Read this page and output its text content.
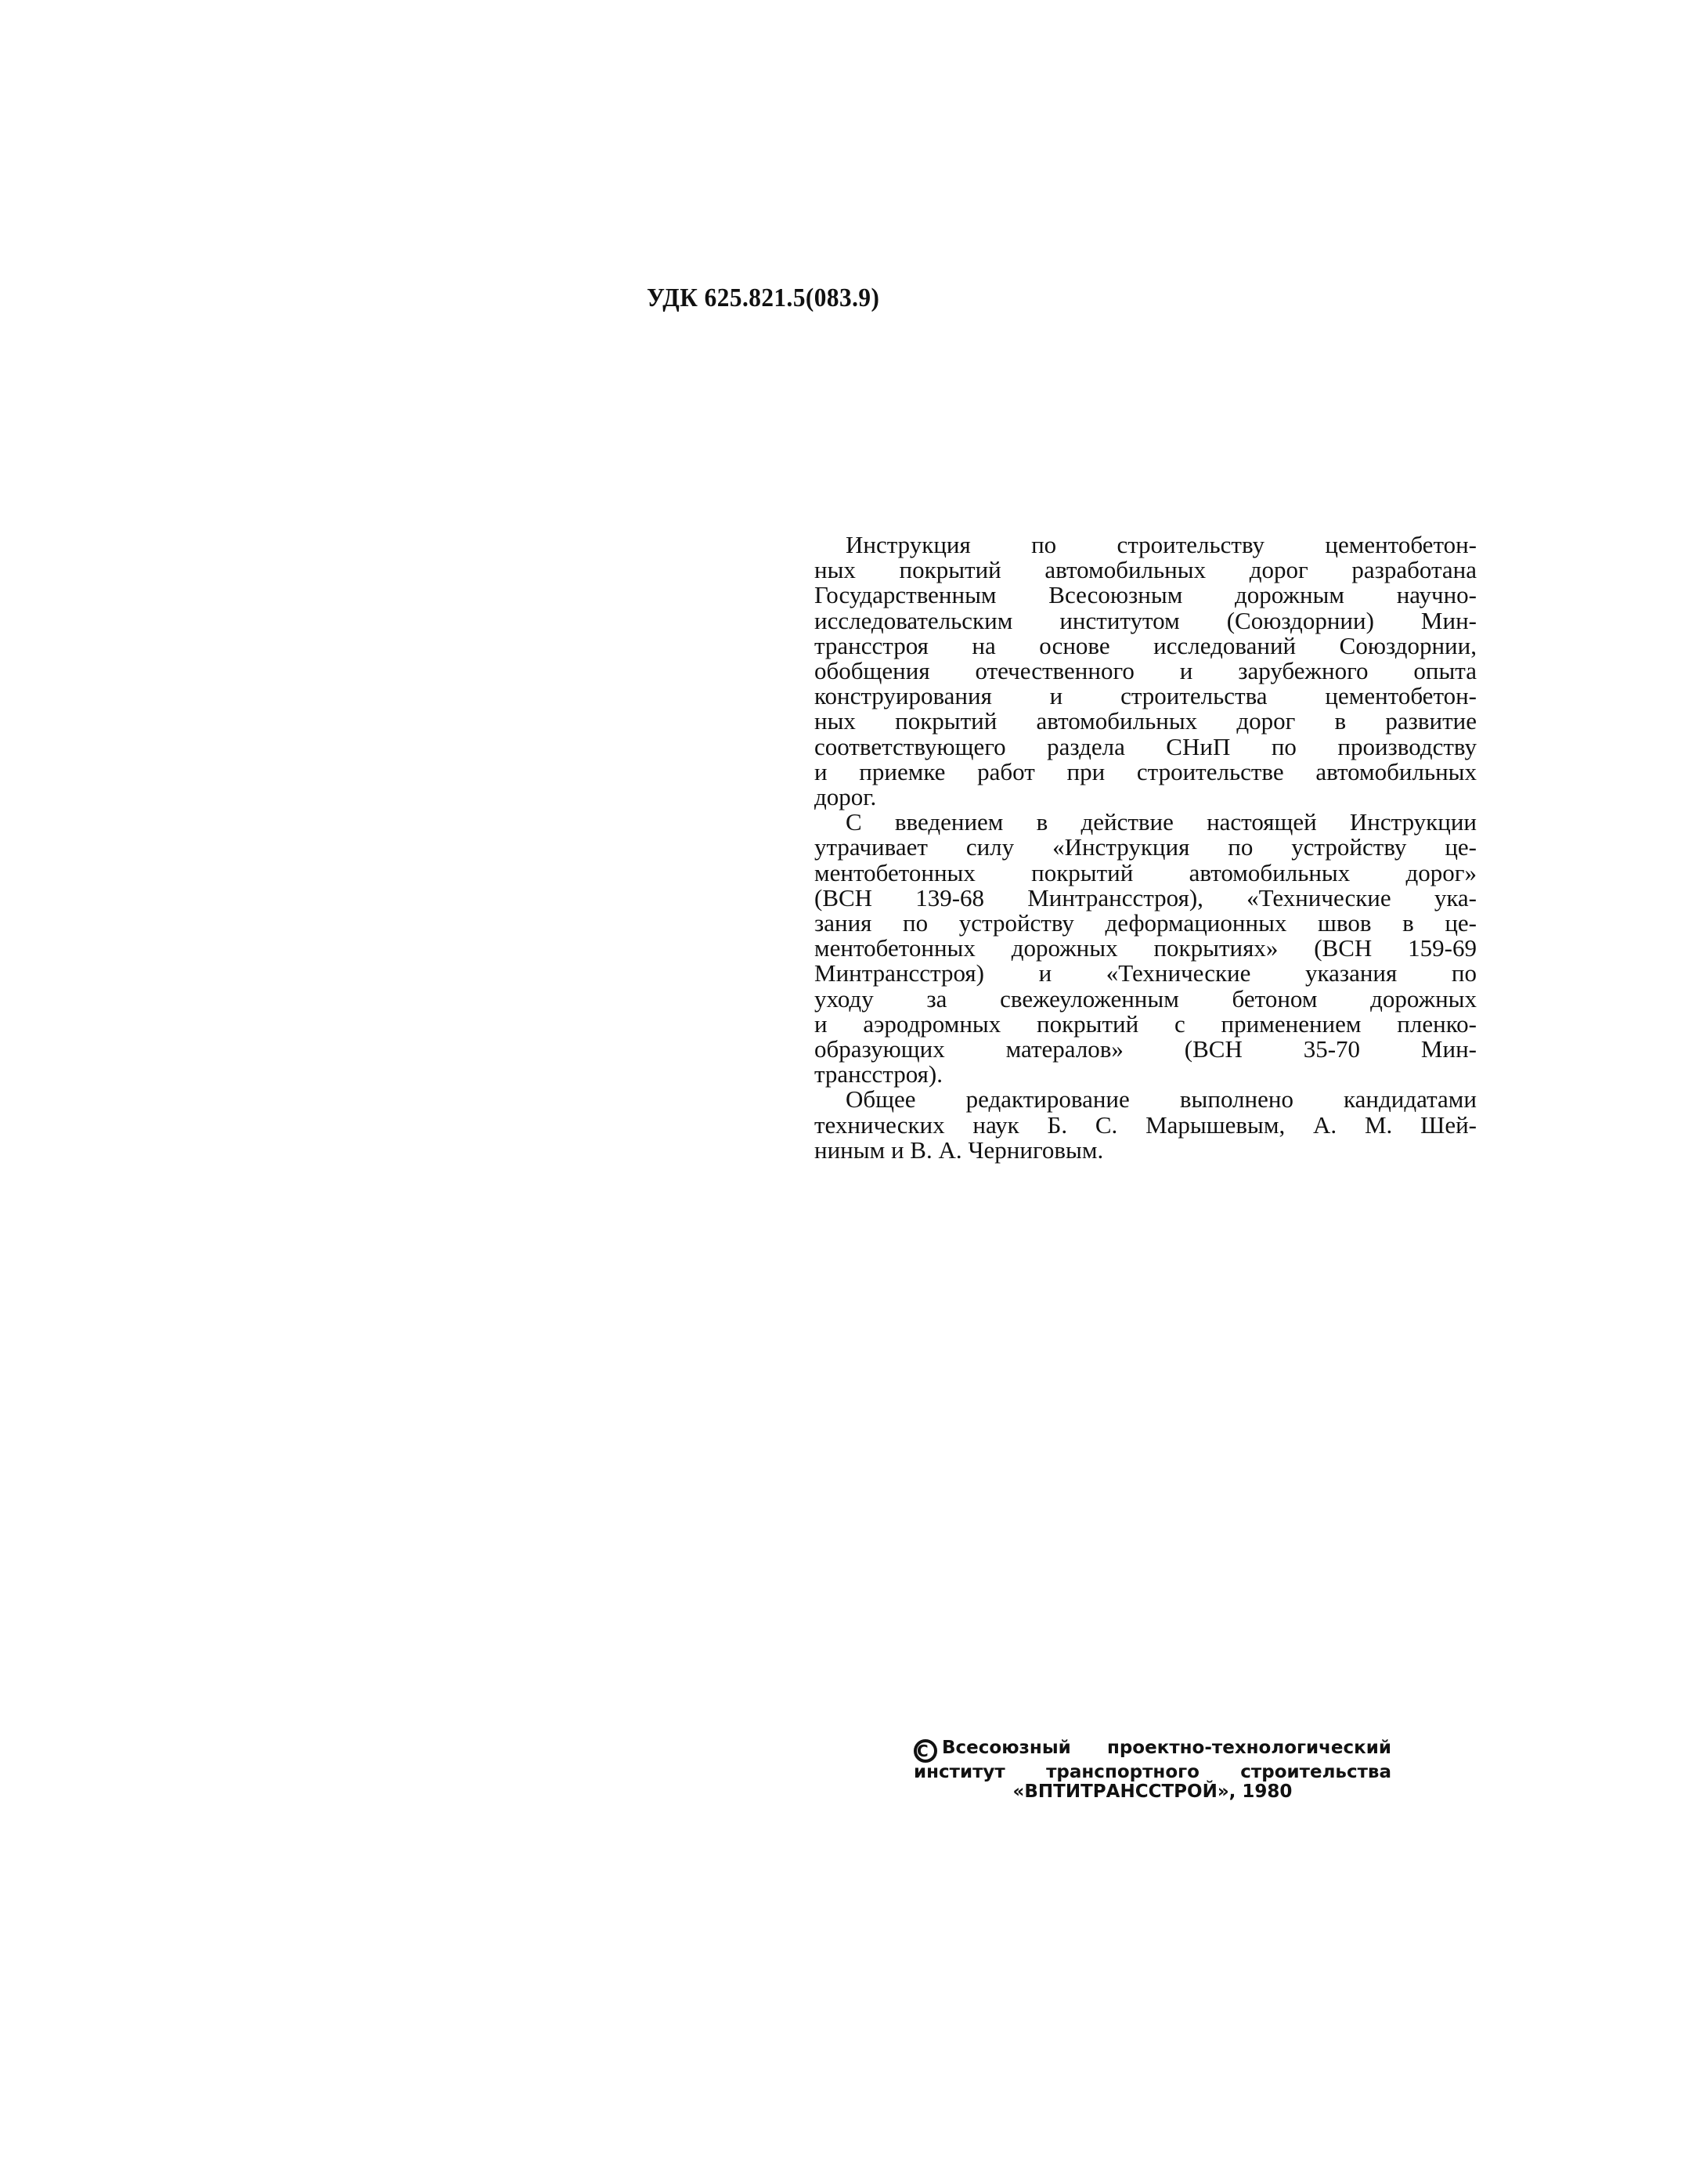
УДК 625.821.5(083.9)
Инструкция по строительству цементобетон-
ных покрытий автомобильных дорог разработана
Государственным Всесоюзным дорожным научно-
исследовательским институтом (Союздорнии) Мин-
трансстроя на основе исследований Союздорнии,
обобщения отечественного и зарубежного опыта
конструирования и строительства цементобетон-
ных покрытий автомобильных дорог в развитие
соответствующего раздела СНиП по производству
и приемке работ при строительстве автомобильных
дорог.
С введением в действие настоящей Инструкции
утрачивает силу «Инструкция по устройству це-
ментобетонных покрытий автомобильных дорог»
(ВСН 139-68 Минтрансстроя), «Технические ука-
зания по устройству деформационных швов в це-
ментобетонных дорожных покрытиях» (ВСН 159-69
Минтрансстроя) и «Технические указания по
уходу за свежеуложенным бетоном дорожных
и аэродромных покрытий с применением пленко-
образующих матералов» (ВСН 35-70 Мин-
трансстроя).
Общее редактирование выполнено кандидатами
технических наук Б. С. Марышевым, А. М. Шей-
ниным и В. А. Черниговым.
C Всесоюзный проектно-технологический
институт транспортного строительства
«ВПТИТРАНССТРОЙ», 1980
